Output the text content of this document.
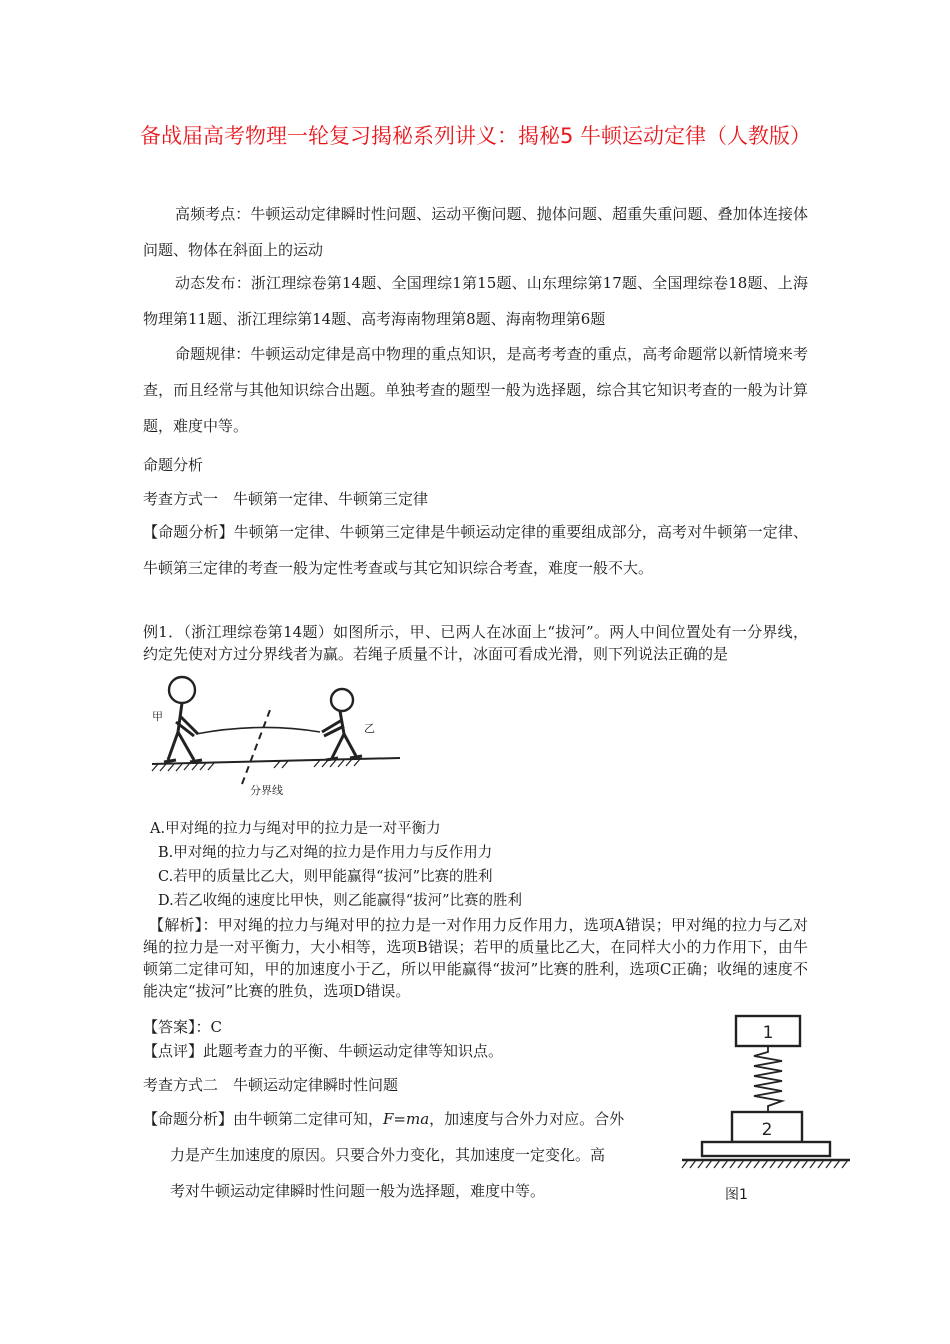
备战届高考物理一轮复习揭秘系列讲义：揭秘5 牛顿运动定律（人教版）
高频考点：牛顿运动定律瞬时性问题、运动平衡问题、抛体问题、超重失重问题、叠加体连接体问题、物体在斜面上的运动
动态发布：浙江理综卷第14题、全国理综1第15题、山东理综第17题、全国理综卷18题、上海物理第11题、浙江理综第14题、高考海南物理第8题、海南物理第6题
命题规律：牛顿运动定律是高中物理的重点知识，是高考考查的重点，高考命题常以新情境来考查，而且经常与其他知识综合出题。单独考查的题型一般为选择题，综合其它知识考查的一般为计算题，难度中等。
命题分析
考查方式一　牛顿第一定律、牛顿第三定律
【命题分析】牛顿第一定律、牛顿第三定律是牛顿运动定律的重要组成部分，高考对牛顿第一定律、牛顿第三定律的考查一般为定性考查或与其它知识综合考查，难度一般不大。
例1．（浙江理综卷第14题）如图所示，甲、已两人在冰面上“拔河”。两人中间位置处有一分界线，约定先使对方过分界线者为赢。若绳子质量不计，冰面可看成光滑，则下列说法正确的是
甲
乙
分界线
A.甲对绳的拉力与绳对甲的拉力是一对平衡力
B.甲对绳的拉力与乙对绳的拉力是作用力与反作用力
C.若甲的质量比乙大，则甲能赢得“拔河”比赛的胜利
D.若乙收绳的速度比甲快，则乙能赢得“拔河”比赛的胜利
【解析】：甲对绳的拉力与绳对甲的拉力是一对作用力反作用力，选项A错误；甲对绳的拉力与乙对绳的拉力是一对平衡力，大小相等，选项B错误；若甲的质量比乙大，在同样大小的力作用下，由牛顿第二定律可知，甲的加速度小于乙，所以甲能赢得“拔河”比赛的胜利，选项C正确；收绳的速度不能决定“拔河”比赛的胜负，选项D错误。
【答案】：C
【点评】此题考查力的平衡、牛顿运动定律等知识点。
考查方式二　牛顿运动定律瞬时性问题
【命题分析】由牛顿第二定律可知，F=ma，加速度与合外力对应。合外
力是产生加速度的原因。只要合外力变化，其加速度一定变化。高
考对牛顿运动定律瞬时性问题一般为选择题，难度中等。
1
2
图1
